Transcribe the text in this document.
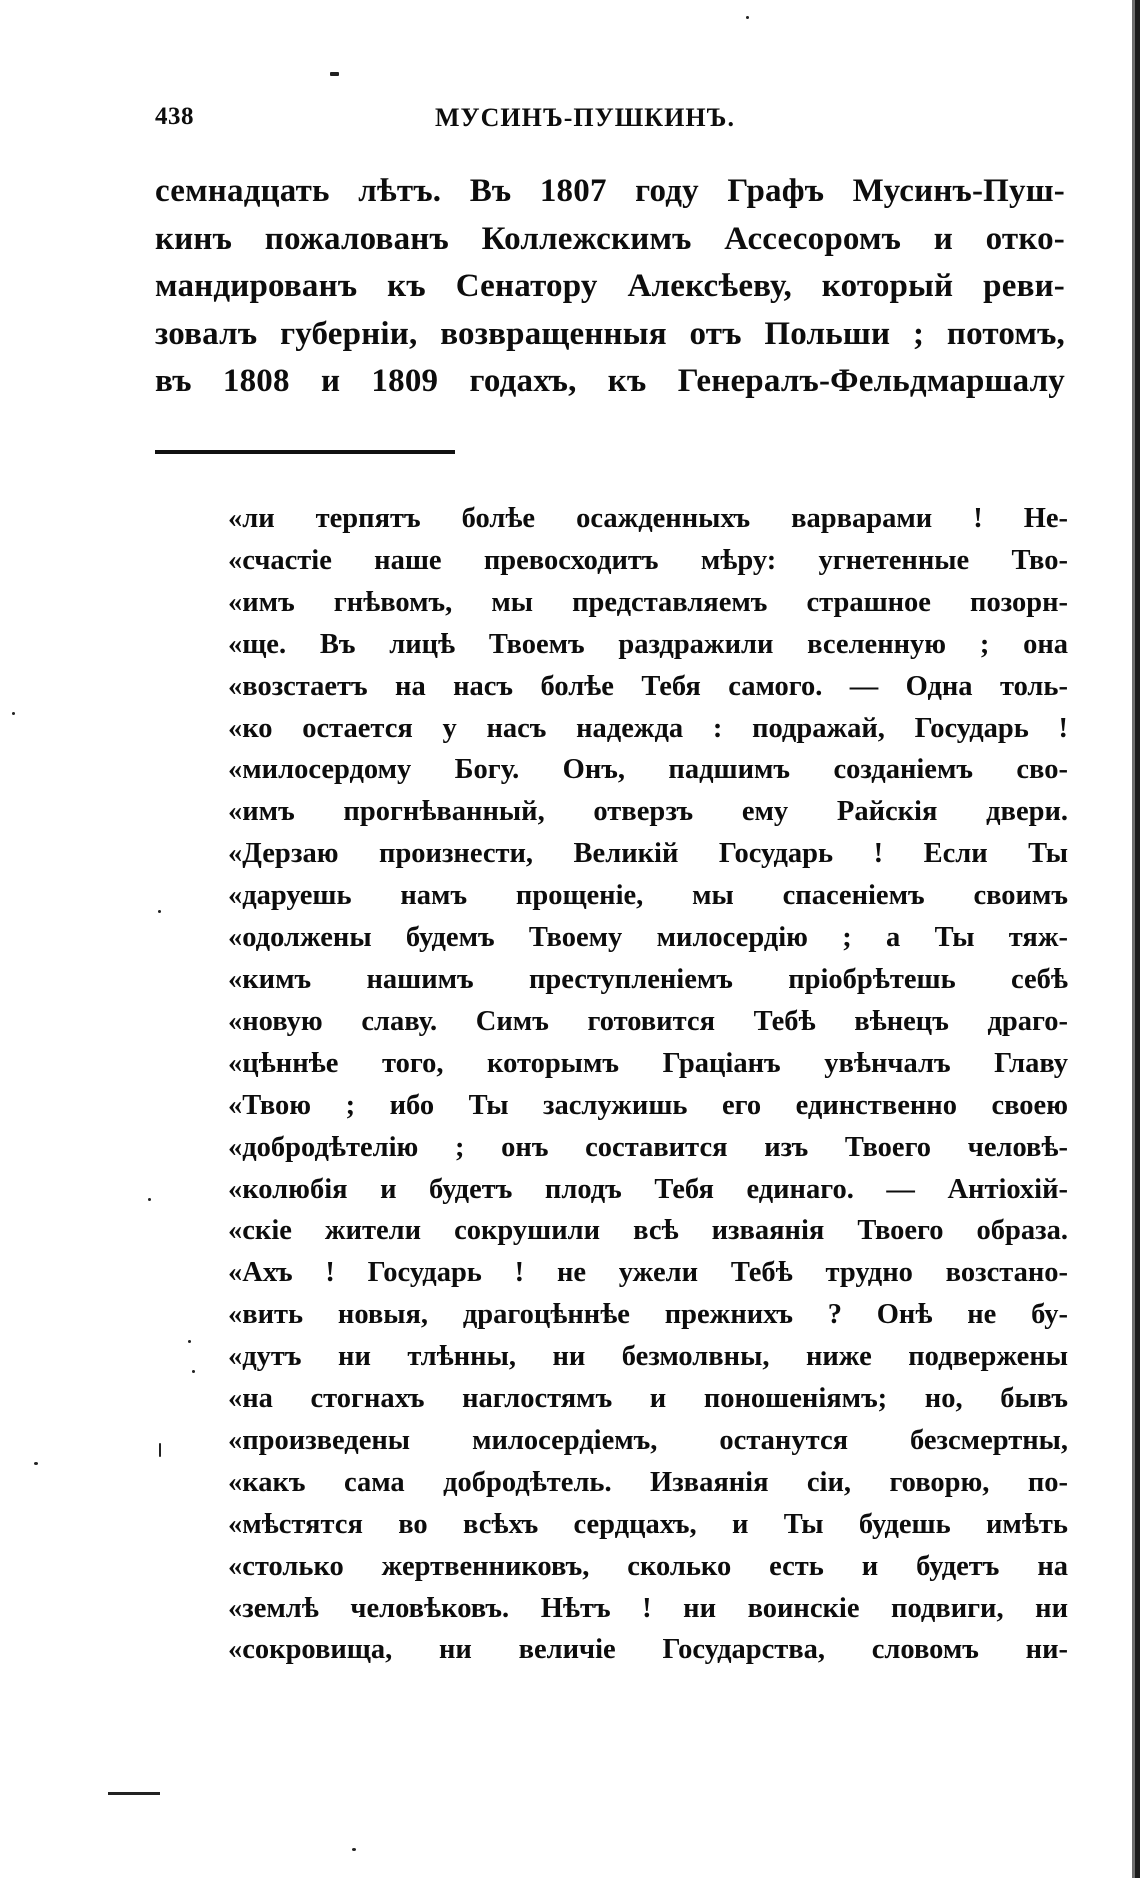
438	МУСИНЪ-ПУШКИНЪ.
семнадцать лѣтъ. Въ 1807 году Графъ Мусинъ-Пуш-
кинъ пожалованъ Коллежскимъ Ассесоромъ и отко-
мандированъ къ Сенатору Алексѣеву, который реви-
зовалъ губерніи, возвращенныя отъ Польши ; потомъ,
въ 1808 и 1809 годахъ, къ Генералъ-Фельдмаршалу
«ли терпятъ болѣе осажденныхъ варварами ! Не-
«счастіе наше превосходитъ мѣру: угнетенные Тво-
«имъ гнѣвомъ, мы представляемъ страшное позорн-
«ще. Въ лицѣ Твоемъ раздражили вселенную ; она
«возстаетъ на насъ болѣе Тебя самого. — Одна толь-
«ко остается у насъ надежда : подражай, Государь !
«милосердому Богу. Онъ, падшимъ созданіемъ сво-
«имъ прогнѣванный, отверзъ ему Райскія двери.
«Дерзаю произнести, Великій Государь ! Если Ты
«даруешь намъ прощеніе, мы спасеніемъ своимъ
«одолжены будемъ Твоему милосердію ; а Ты тяж-
«кимъ нашимъ преступленіемъ пріобрѣтешь себѣ
«новую славу. Симъ готовится Тебѣ вѣнецъ драго-
«цѣннѣе того, которымъ Граціанъ увѣнчалъ Главу
«Твою ; ибо Ты заслужишь его единственно своею
«добродѣтелію ; онъ составится изъ Твоего человѣ-
«колюбія и будетъ плодъ Тебя единаго. — Антіохій-
«скіе жители сокрушили всѣ изваянія Твоего образа.
«Ахъ ! Государь ! не ужели Тебѣ трудно возстано-
«вить новыя, драгоцѣннѣе прежнихъ ? Онѣ не бу-
«дутъ ни тлѣнны, ни безмолвны, ниже подвержены
«на стогнахъ наглостямъ и поношеніямъ; но, бывъ
«произведены милосердіемъ, останутся безсмертны,
«какъ сама добродѣтель. Изваянія сіи, говорю, по-
«мѣстятся во всѣхъ сердцахъ, и Ты будешь имѣть
«столько жертвенниковъ, сколько есть и будетъ на
«землѣ человѣковъ. Нѣтъ ! ни воинскіе подвиги, ни
«сокровища, ни величіе Государства, словомъ ни-
